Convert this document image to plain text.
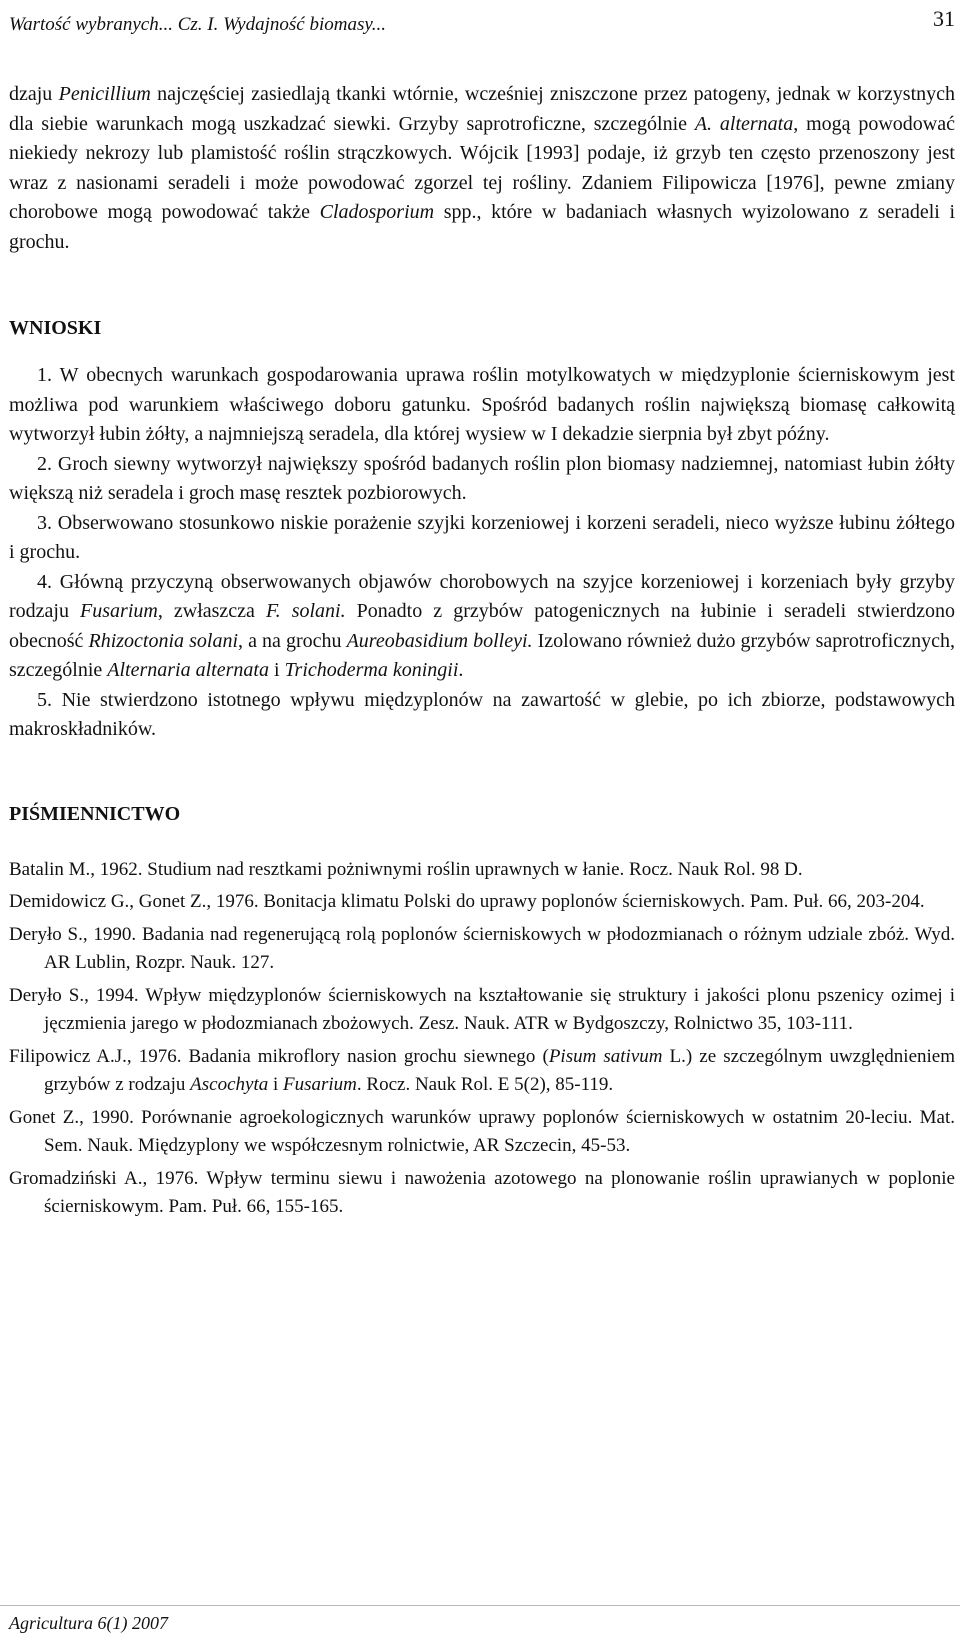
Wartość wybranych... Cz. I. Wydajność biomasy...	31

dzaju Penicillium najczęściej zasiedlają tkanki wtórnie, wcześniej zniszczone przez patogeny, jednak w korzystnych dla siebie warunkach mogą uszkadzać siewki. Grzyby saprotroficzne, szczególnie A. alternata, mogą powodować niekiedy nekrozy lub plamistość roślin strączkowych. Wójcik [1993] podaje, iż grzyb ten często przenoszony jest wraz z nasionami seradeli i może powodować zgorzel tej rośliny. Zdaniem Filipowicza [1976], pewne zmiany chorobowe mogą powodować także Cladosporium spp., które w badaniach własnych wyizolowano z seradeli i grochu.

WNIOSKI

1. W obecnych warunkach gospodarowania uprawa roślin motylkowatych w międzyplonie ścierniskowym jest możliwa pod warunkiem właściwego doboru gatunku. Spośród badanych roślin największą biomasę całkowitą wytworzył łubin żółty, a najmniejszą seradela, dla której wysiew w I dekadzie sierpnia był zbyt późny.

2. Groch siewny wytworzył największy spośród badanych roślin plon biomasy nadziemnej, natomiast łubin żółty większą niż seradela i groch masę resztek pozbiorowych.

3. Obserwowano stosunkowo niskie porażenie szyjki korzeniowej i korzeni seradeli, nieco wyższe łubinu żółtego i grochu.

4. Główną przyczyną obserwowanych objawów chorobowych na szyjce korzeniowej i korzeniach były grzyby rodzaju Fusarium, zwłaszcza F. solani. Ponadto z grzybów patogenicznych na łubinie i seradeli stwierdzono obecność Rhizoctonia solani, a na grochu Aureobasidium bolleyi. Izolowano również dużo grzybów saprotroficznych, szczególnie Alternaria alternata i Trichoderma koningii.

5. Nie stwierdzono istotnego wpływu międzyplonów na zawartość w glebie, po ich zbiorze, podstawowych makroskładników.

PIŚMIENNICTWO
Batalin M., 1962. Studium nad resztkami pożniwnymi roślin uprawnych w łanie. Rocz. Nauk Rol. 98 D.
Demidowicz G., Gonet Z., 1976. Bonitacja klimatu Polski do uprawy poplonów ścierniskowych. Pam. Puł. 66, 203-204.
Deryło S., 1990. Badania nad regenerującą rolą poplonów ścierniskowych w płodozmianach o różnym udziale zbóż. Wyd. AR Lublin, Rozpr. Nauk. 127.
Deryło S., 1994. Wpływ międzyplonów ścierniskowych na kształtowanie się struktury i jakości plonu pszenicy ozimej i jęczmienia jarego w płodozmianach zbożowych. Zesz. Nauk. ATR w Bydgoszczy, Rolnictwo 35, 103-111.
Filipowicz A.J., 1976. Badania mikroflory nasion grochu siewnego (Pisum sativum L.) ze szczególnym uwzględnieniem grzybów z rodzaju Ascochyta i Fusarium. Rocz. Nauk Rol. E 5(2), 85-119.
Gonet Z., 1990. Porównanie agroekologicznych warunków uprawy poplonów ścierniskowych w ostatnim 20-leciu. Mat. Sem. Nauk. Międzyplony we współczesnym rolnictwie, AR Szczecin, 45-53.
Gromadziński A., 1976. Wpływ terminu siewu i nawożenia azotowego na plonowanie roślin uprawianych w poplonie ścierniskowym. Pam. Puł. 66, 155-165.
Agricultura 6(1) 2007
